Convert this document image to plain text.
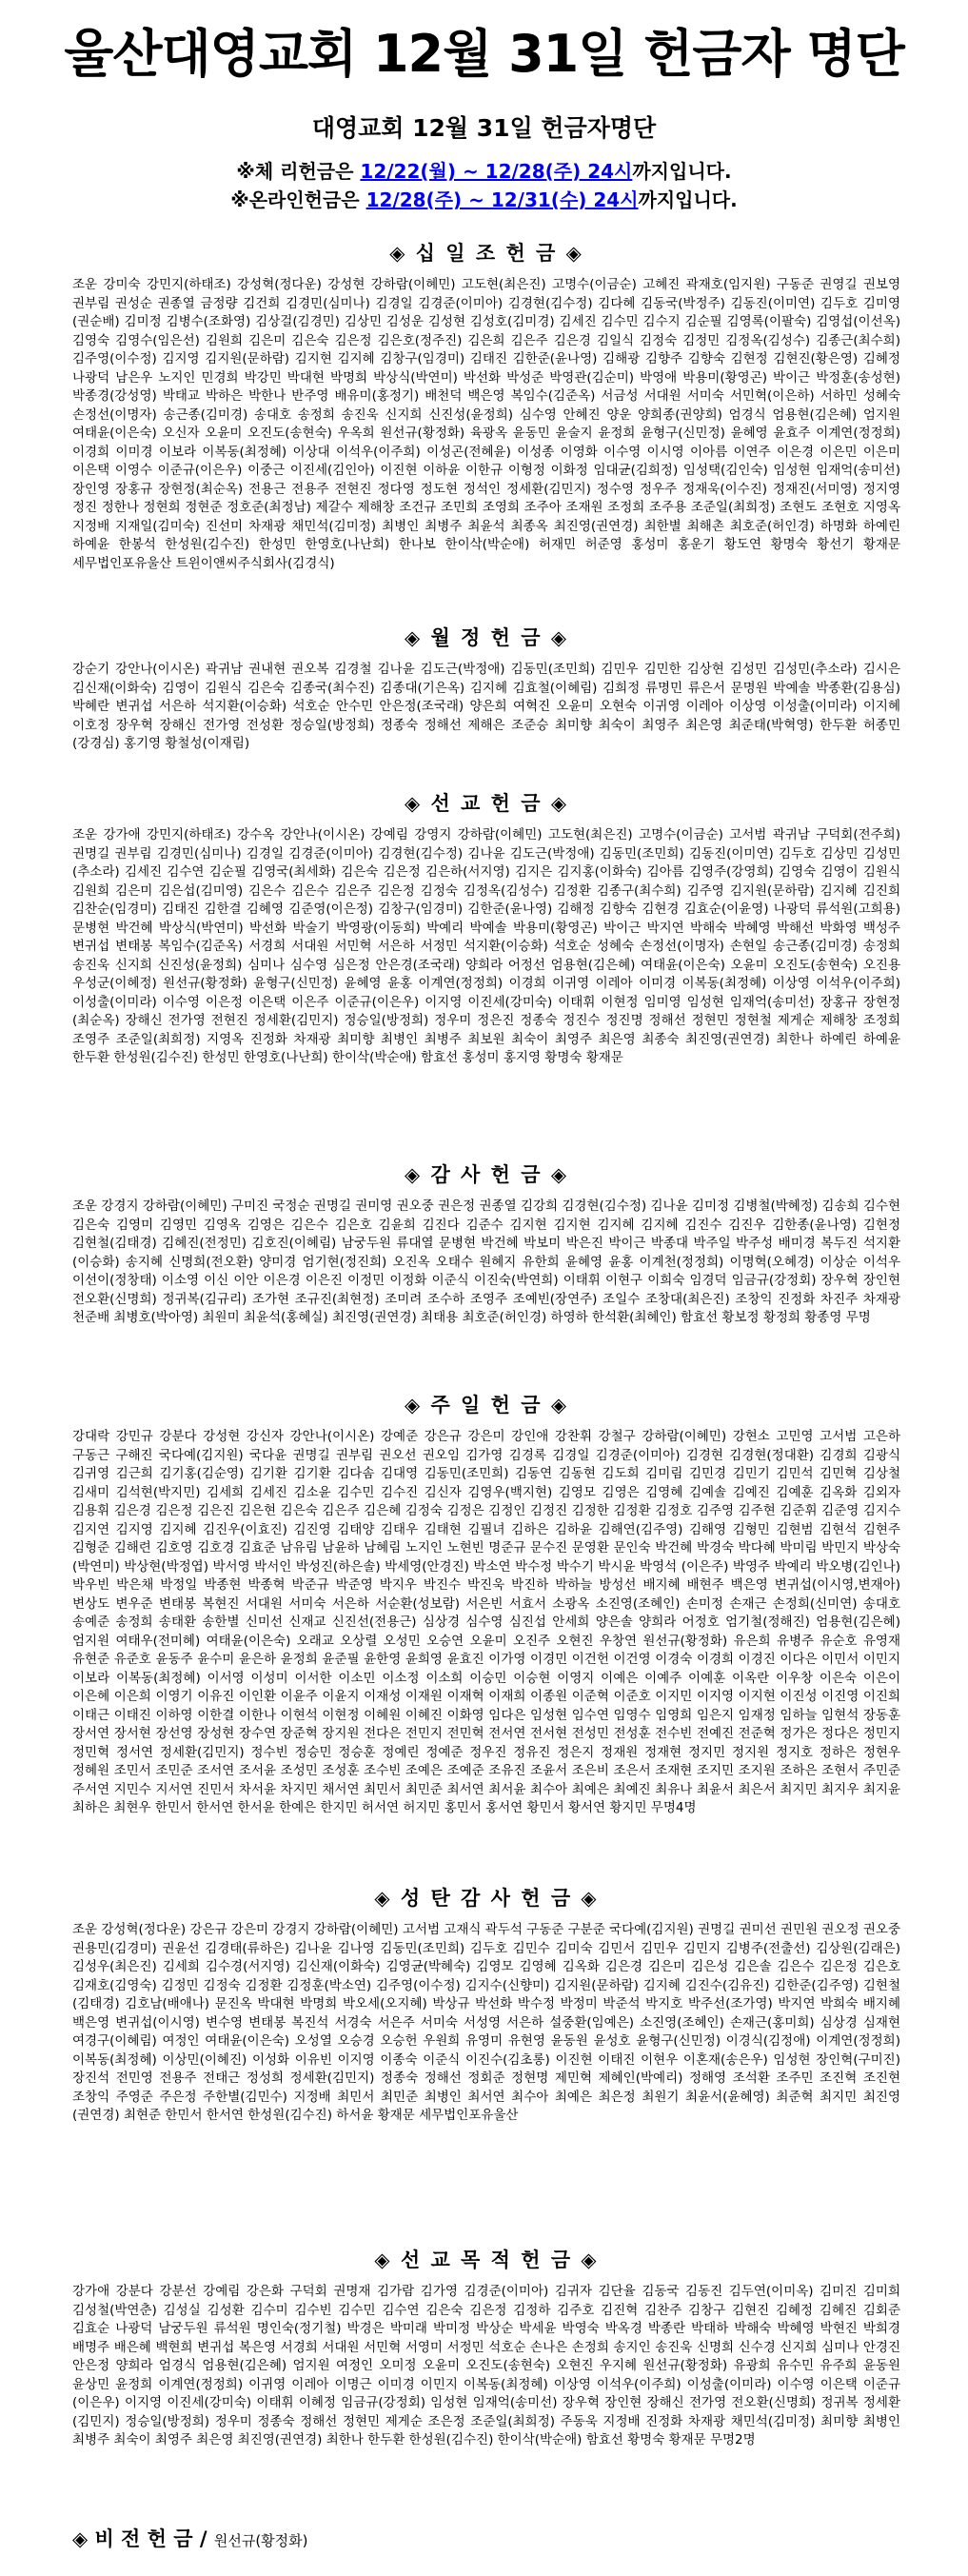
울산대영교회 12월 31일 헌금자 명단
대영교회 12월 31일 헌금자명단
※체 리헌금은 12/22(월) ~ 12/28(주) 24시까지입니다.
※온라인헌금은 12/28(주) ~ 12/31(수) 24시까지입니다.
◈ 십 일 조 헌 금 ◈
조운 강미숙 강민지(하태조) 강성혁(정다운) 강성현 강하람(이혜민) 고도현(최은진) 고명수(이금순) 고혜진 곽재호(임지원) 구동준 권영길 권보영 권부림 권성순 권종열 금정량 김건희 김경민(심미나) 김경일 김경준(이미아) 김경현(김수정) 김다혜 김동국(박정주) 김동진(이미연) 김두호 김미영(권순배) 김미정 김병수(조화영) 김상걸(김경민) 김상민 김성운 김성현 김성호(김미경) 김세진 김수민 김수지 김순필 김영록(이팔숙) 김영섭(이선옥) 김영숙 김영수(임은선) 김원희 김은미 김은숙 김은정 김은호(정주진) 김은희 김은주 김은경 김일식 김정숙 김정민 김정옥(김성수) 김종근(최수희) 김주영(이수정) 김지영 김지원(문하람) 김지현 김지혜 김창구(임경미) 김태진 김한준(윤나영) 김해광 김향주 김향숙 김현정 김현진(황은영) 김혜정 나광덕 남은우 노지인 민경희 박강민 박대현 박명희 박상식(박연미) 박선화 박성준 박영관(김순미) 박영애 박용미(황영곤) 박이근 박정훈(송성현) 박종경(강성영) 박태교 박하은 박한나 반주영 배유미(홍정기) 배천덕 백은영 복임수(김준옥) 서금성 서대원 서미숙 서민혁(이은하) 서하민 성혜숙 손정선(이명자) 송근종(김미경) 송대호 송정희 송진욱 신지희 신진성(윤정희) 심수영 안혜진 양운 양희종(권양희) 엄경식 엄용현(김은혜) 엄지원 여태윤(이은숙) 오신자 오윤미 오진도(송현숙) 우옥희 원선규(황정화) 육광옥 윤동민 윤술지 윤정희 윤형구(신민정) 윤혜영 윤효주 이계연(정정희) 이경희 이미경 이보라 이복동(최정혜) 이상대 이석우(이주희) 이성곤(전혜윤) 이성종 이영화 이수영 이시영 이아름 이연주 이은경 이은민 이은미 이은택 이영수 이준규(이은우) 이중근 이진세(김인아) 이진현 이하윤 이한규 이형정 이화정 임대균(김희정) 임성택(김인숙) 임성현 임재억(송미선) 장인영 장홍규 장현정(최순옥) 전용근 전용주 전현진 정다영 정도현 정석인 정세환(김민지) 정수영 정우주 정재욱(이수진) 정재진(서미영) 정지영 정진 정한나 정현희 정현준 정호준(최정남) 제갈수 제해창 조건규 조민희 조영희 조주아 조재원 조정희 조주용 조준일(최희정) 조현도 조현호 지영옥 지정배 지재일(김미숙) 진선미 차재광 채민석(김미정) 최병인 최병주 최윤석 최종옥 최진영(권연경) 최한별 최해촌 최호준(허인경) 하명화 하예린 하예윤 한봉석 한성원(김수진) 한성민 한영호(나난희) 한나보 한이삭(박순애) 허재민 허준영 홍성미 홍운기 황도연 황명숙 황선기 황재문 세무법인포유울산 트윈이앤씨주식회사(김경식)
◈ 월 정 헌 금 ◈
강순기 강안나(이시온) 곽귀남 권내현 권오복 김경철 김나윤 김도근(박정애) 김동민(조민희) 김민우 김민한 김상현 김성민 김성민(추소라) 김시은 김신재(이화숙) 김영이 김원식 김은숙 김종국(최수진) 김종대(기은옥) 김지혜 김효철(이혜림) 김희정 류명민 류은서 문명원 박예솔 박종환(김용심) 박혜란 변귀섭 서은하 석지환(이승화) 석호순 안수민 안은정(조국래) 양은희 여혁진 오윤미 오현숙 이귀영 이레아 이상영 이성출(이미라) 이지혜 이호정 장우혁 장해신 전가영 전성환 정승일(방정희) 정종숙 정해선 제해은 조준승 최미향 최숙이 최영주 최은영 최준태(박혁영) 한두환 허종민(강경심) 홍기영 황철성(이재림)
◈ 선 교 헌 금 ◈
조운 강가애 강민지(하태조) 강수옥 강안나(이시온) 강예림 강영지 강하람(이혜민) 고도현(최은진) 고명수(이금순) 고서범 곽귀남 구덕회(전주희) 권명길 권부림 김경민(심미나) 김경일 김경준(이미아) 김경현(김수정) 김나윤 김도근(박정애) 김동민(조민희) 김동진(이미연) 김두호 김상민 김성민(추소라) 김세진 김수연 김순필 김영국(최세화) 김은숙 김은정 김은하(서지영) 김지은 김지홍(이화숙) 김아름 김영주(강영희) 김영숙 김영이 김원식 김원희 김은미 김은섭(김미영) 김은수 김은수 김은주 김은정 김정숙 김정옥(김성수) 김정환 김종구(최수희) 김주영 김지원(문하람) 김지혜 김진희 김찬순(임경미) 김태진 김한결 김혜영 김준영(이은정) 김창구(임경미) 김한준(윤나영) 김해정 김향숙 김현경 김효순(이윤영) 나광덕 류석원(고희용) 문병현 박건혜 박상식(박연미) 박선화 박술기 박영광(이동희) 박예리 박예솔 박용미(황영곤) 박이근 박지연 박해숙 박혜영 박해선 박화영 백성주 변귀섭 변태봉 복임수(김준옥) 서경희 서대원 서민혁 서은하 서정민 석지환(이승화) 석호순 성혜숙 손정선(이명자) 손현일 송근종(김미경) 송정희 송진욱 신지희 신진성(윤정희) 심미나 심수영 심은정 안은경(조국래) 양희라 어정선 엄용현(김은혜) 여태윤(이은숙) 오윤미 오진도(송현숙) 오진용 우성군(이혜정) 원선규(황정화) 윤형구(신민정) 윤혜영 윤홍 이계연(정정희) 이경희 이귀영 이레아 이미경 이복동(최정혜) 이상영 이석우(이주희) 이성출(이미라) 이수영 이은정 이은택 이은주 이준규(이은우) 이지영 이진세(강미숙) 이태휘 이현정 임미영 임성현 임재억(송미선) 장홍규 장현정(최순옥) 장해신 전가영 전현진 정세환(김민지) 정승일(방정희) 정우미 정은진 정종숙 정진수 정진명 정해선 정현민 정현철 제게순 제해창 조정희 조영주 조준일(최희정) 지영옥 진정화 차재광 최미향 최병인 최병주 최보원 최숙이 최영주 최은영 최종숙 최진영(권연경) 최한나 하예린 하예윤 한두환 한성원(김수진) 한성민 한영호(나난희) 한이삭(박순애) 함효선 홍성미 홍지영 황명숙 황재문
◈ 감 사 헌 금 ◈
조운 강경지 강하람(이혜민) 구미진 국정순 권명길 권미영 권오중 권은정 권종열 김강희 김경현(김수정) 김나윤 김미정 김병철(박혜정) 김송희 김수현 김은숙 김영미 김영민 김영옥 김영은 김은수 김은호 김윤희 김진다 김준수 김지현 김지현 김지혜 김지혜 김진수 김진우 김한종(윤나영) 김현정 김현철(김태경) 김혜진(전정민) 김호진(이혜림) 남궁두원 류대열 문병현 박건혜 박보미 박은진 박이근 박종대 박주일 박주성 배미경 복두진 석지환(이승화) 송지혜 신명희(전오환) 양미경 엄기현(정진희) 오진옥 오태수 원혜지 유한희 윤혜영 윤홍 이계천(정정희) 이명혁(오혜경) 이상순 이석우 이선이(정창태) 이소영 이신 이안 이은경 이은진 이정민 이정화 이준식 이진숙(박연희) 이태휘 이현구 이희숙 임경덕 임금규(강정회) 장우혁 장인현 전오환(신명희) 정귀복(김규리) 조가현 조규진(최현정) 조미려 조수하 조영주 조예빈(장연주) 조일수 조창대(최은진) 조창익 진정화 차진주 차재광 천준배 최병호(박아영) 최원미 최윤석(홍혜실) 최진영(권연경) 최태용 최호준(허인경) 하영하 한석환(최혜인) 함효선 황보정 황정희 황종영 무명
◈ 주 일 헌 금 ◈
강대락 강민규 강분다 강성현 강신자 강안나(이시온) 강예준 강은규 강은미 강인애 강찬휘 강철구 강하람(이혜민) 강현소 고민영 고서범 고은하 구동근 구해진 국다예(김지원) 국다윤 권명길 권부림 권오선 권오임 김가영 김경록 김경일 김경준(이미아) 김경현 김경현(정대환) 김경희 김광식 김귀영 김근희 김기홍(김순영) 김기환 김기환 김다솜 김대영 김동민(조민희) 김동연 김동현 김도희 김미림 김민경 김민기 김민석 김민혁 김상철 김새미 김석현(박지민) 김세희 김세진 김소윤 김수민 김수진 김신자 김영우(백지현) 김영모 김영은 김영혜 김예솔 김예진 김예훈 김옥화 김외자 김용휘 김은경 김은정 김은진 김은현 김은숙 김은주 김은혜 김정숙 김정은 김정인 김정진 김정한 김정환 김정호 김주영 김주현 김준휘 김준영 김지수 김지연 김지영 김지혜 김진우(이효진) 김진영 김태양 김태우 김태현 김필녀 김하은 김하윤 김해연(김주영) 김해영 김형민 김현범 김현석 김현주 김형준 김해련 김호영 김호경 김효준 남유림 남윤하 남혜림 노지인 노현빈 명준규 문수진 문영환 문인숙 박건혜 박경숙 박다혜 박미림 박민지 박상숙(박연미) 박상현(박정엽) 박서영 박서인 박성진(하은솔) 박세영(안경진) 박소연 박수정 박수기 박시윤 박영석 (이은주) 박영주 박예리 박오병(김인나) 박우빈 박은채 박정일 박종현 박종혁 박준규 박준영 박지우 박진수 박진욱 박진하 박하늘 방성선 배지혜 배현주 백은영 변귀섭(이시영,변재아) 변상도 변우준 변태봉 복현진 서대원 서미숙 서은하 서순환(성보람) 서은빈 서효서 소광옥 소진영(조혜인) 손미정 손재근 손정희(신미연) 송대호 송예준 송정희 송태환 송한별 신미선 신재교 신진선(전용근) 심상경 심수영 심진섭 안세희 양은솔 양희라 어정호 엄기철(정해진) 엄용현(김은혜) 엄지원 여태우(전미혜) 여태윤(이은숙) 오래교 오상렬 오성민 오승연 오윤미 오진주 오현진 우창연 원선규(황정화) 유은희 유병주 유순호 유영재 유현준 유준호 윤동주 윤수미 윤은하 윤정희 윤준필 윤한영 윤희영 윤효진 이가영 이경민 이건헌 이건영 이경숙 이경희 이경진 이다은 이민서 이민지 이보라 이복동(최정혜) 이서영 이성미 이서한 이소민 이소정 이소희 이승민 이승현 이영지 이예은 이예주 이예훈 이옥란 이우창 이은숙 이은이 이은혜 이은희 이영기 이유진 이인환 이윤주 이윤지 이재성 이재원 이재혁 이재희 이종원 이준혁 이준호 이지민 이지영 이지현 이진성 이진영 이진희 이태근 이태진 이하영 이한결 이한나 이현석 이현정 이혜원 이혜진 이화영 임다은 임성현 임수연 임영수 임영희 임은지 임재정 임하늘 임현석 장동훈 장서연 장서현 장선영 장성현 장수연 장준혁 장지원 전다은 전민지 전민혁 전서연 전서현 전성민 전성훈 전수빈 전예진 전준혁 정가은 정다은 정민지 정민혁 정서연 정세환(김민지) 정수빈 정승민 정승훈 정예린 정예준 정우진 정유진 정은지 정재원 정재현 정지민 정지원 정지호 정하은 정현우 정혜원 조민서 조민준 조서연 조서윤 조성민 조성훈 조수빈 조예은 조예준 조유진 조윤서 조은비 조은서 조재현 조지민 조지원 조하은 조현서 주민준 주서연 지민수 지서연 진민서 차서윤 차지민 채서연 최민서 최민준 최서연 최서윤 최수아 최예은 최예진 최유나 최윤서 최은서 최지민 최지우 최지윤 최하은 최현우 한민서 한서연 한서윤 한예은 한지민 허서연 허지민 홍민서 홍서연 황민서 황서연 황지민 무명4명
◈ 성 탄 감 사 헌 금 ◈
조운 강성혁(정다운) 강은규 강은미 강경지 강하람(이혜민) 고서범 고재식 곽두석 구동준 구분준 국다예(김지원) 권명길 권미선 권민원 권오정 권오중 권용민(김경미) 권윤선 김경태(류하은) 김나윤 김나영 김동민(조민희) 김두호 김민수 김미숙 김민서 김민우 김민지 김병주(전출선) 김상원(김래은) 김성우(최은진) 김세희 김수경(서지영) 김신재(이화숙) 김영균(박혜숙) 김영모 김영혜 김옥화 김은경 김은미 김은성 김은솔 김은수 김은정 김은호 김재호(김영숙) 김정민 김정숙 김정환 김정훈(박소연) 김주영(이수정) 김지수(신향미) 김지원(문하람) 김지혜 김진수(김유진) 김한준(김주영) 김현철(김태경) 김호남(배애나) 문진옥 박대현 박명희 박오세(오지혜) 박상규 박선화 박수정 박정미 박준석 박지호 박주선(조가영) 박지연 박희숙 배지혜 백은영 변귀섭(이시영) 변수영 변태봉 복진석 서경숙 서은주 서미숙 서성영 서은하 설중환(임예은) 소진영(조혜인) 손재근(홍미희) 심상경 심재현 여경구(이혜림) 여정인 여태윤(이은숙) 오성열 오승경 오승헌 우원희 유영미 유현영 윤동원 윤성호 윤형구(신민정) 이경식(김정애) 이계연(정정희) 이복동(최정혜) 이상민(이혜진) 이성화 이유빈 이지영 이종숙 이준식 이진수(김초롱) 이진현 이태진 이현우 이혼재(송은우) 임성현 장인혁(구미진) 장진석 전민영 전용주 전태근 정성희 정세환(김민지) 정종숙 정해선 정회준 정현명 제민혁 제혜인(박예리) 정해영 조석환 조주민 조진혁 조진현 조창익 주영준 주은정 주한별(김민수) 지정배 최민서 최민준 최병인 최서연 최수아 최예은 최은정 최원기 최윤서(윤혜영) 최준혁 최지민 최진영(권연경) 최현준 한민서 한서연 한성원(김수진) 하서윤 황재문 세무법인포유울산
◈ 선 교 목 적 헌 금 ◈
강가애 강분다 강분선 강예림 강은화 구덕회 권명재 김가람 김가영 김경준(이미아) 김귀자 김단율 김동국 김동진 김두연(이미옥) 김미진 김미희 김성철(박연춘) 김성실 김성환 김수미 김수빈 김수민 김수연 김은숙 김은정 김정하 김주호 김진혁 김찬주 김창구 김현진 김혜정 김혜진 김회준 김효순 나광덕 남궁두원 류석원 명인숙(정기철) 박경은 박미래 박미정 박상순 박세윤 박영숙 박옥경 박종란 박태하 박해숙 박혜영 박현진 박희경 배명주 배은혜 백현희 변귀섭 복은영 서경희 서대원 서민혁 서영미 서정민 석호순 손나은 손정희 송지인 송진욱 신명희 신수경 신지희 심미나 안경진 안은정 양희라 엄경식 엄용현(김은혜) 엄지원 여정인 오미정 오윤미 오진도(송현숙) 오현진 우지혜 원선규(황정화) 유광희 유수민 유주희 윤동원 윤상민 윤정희 이계연(정정희) 이귀영 이레아 이명근 이미경 이민지 이복동(최정혜) 이상영 이석우(이주희) 이성출(이미라) 이수영 이은택 이준규(이은우) 이지영 이진세(강미숙) 이태휘 이혜정 임금규(강정회) 임성현 임재억(송미선) 장우혁 장인현 장해신 전가영 전오환(신명희) 정귀복 정세환(김민지) 정승일(방정희) 정우미 정종숙 정해선 정현민 제게순 조은정 조준일(최희정) 주동욱 지정배 진정화 차재광 채민석(김미정) 최미향 최병인 최병주 최숙이 최영주 최은영 최진영(권연경) 최한나 한두환 한성원(김수진) 한이삭(박순애) 함효선 황명숙 황재문 무명2명
◈ 비 전 헌 금 / 원선규(황정화)
